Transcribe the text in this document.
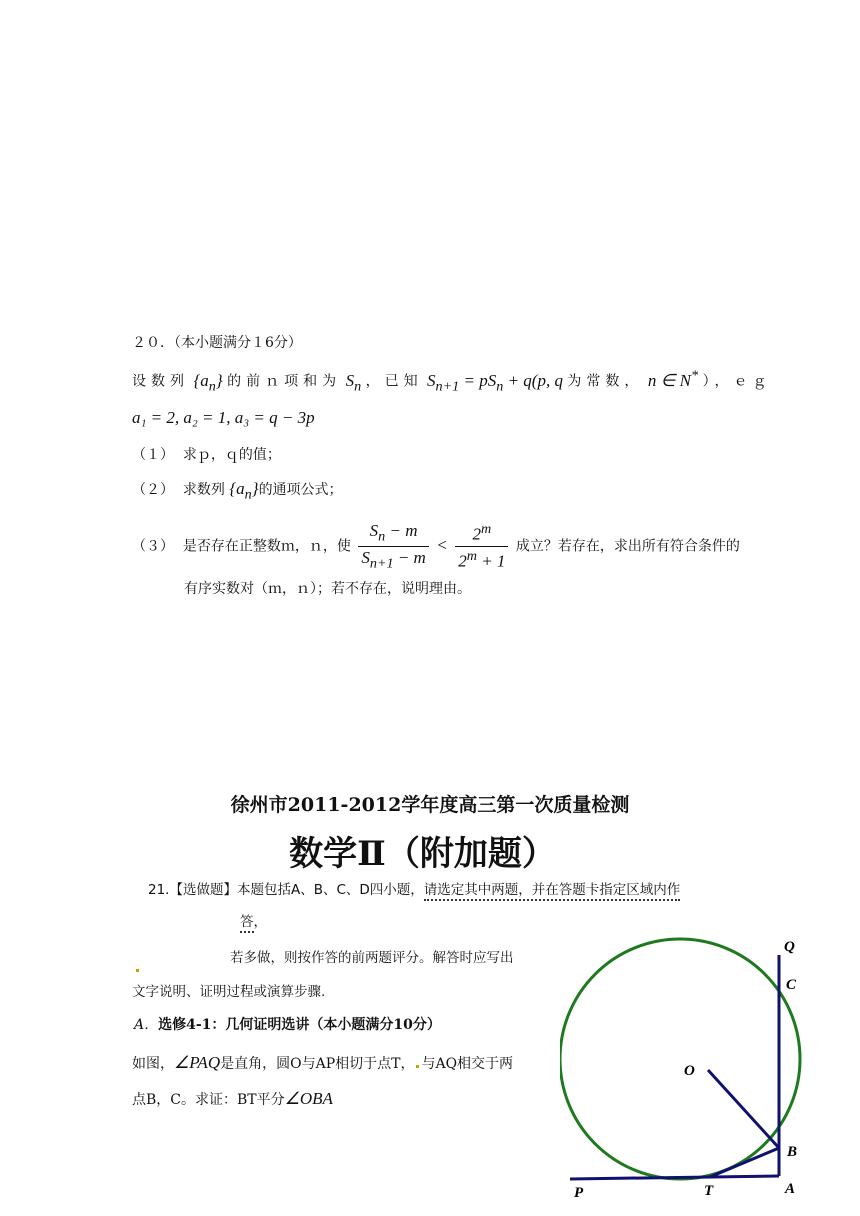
２０．（本小题满分１6分）
设数列 $\{a_n\}$ 的前ｎ项和为 $S_n$ ，已知 $S_{n+1} = pS_n + q(p$, q 为常数， n ∈ N* ），ｅｇ
a₁ = 2, a₂ = 1, a₃ = q − 3p
（１） 求ｐ，ｑ的值；
（２） 求数列 $\{a_n\}$的通项公式；
（３） 是否存在正整数ｍ，ｎ，使 $\frac{S_n - m}{S_{n+1} - m} < \frac{2^m}{2^m + 1}$ 成立？若存在，求出所有符合条件的
有序实数对（ｍ，ｎ）；若不存在，说明理由。
徐州市2011-2012学年度高三第一次质量检测
数学Ⅱ（附加题）
21.【选做题】本题包括A、B、C、D四小题，请选定其中两题，并在答题卡指定区域内作
答，
若多做，则按作答的前两题评分。解答时应写出
文字说明、证明过程或演算步骤.
A．选修4-1：几何证明选讲（本小题满分10分）
如图，∠PAQ是直角，圆O与AP相切于点T， 与AQ相交于两
点B，C。求证：BT平分∠OBA
Q
C
O
B
P	T	A
